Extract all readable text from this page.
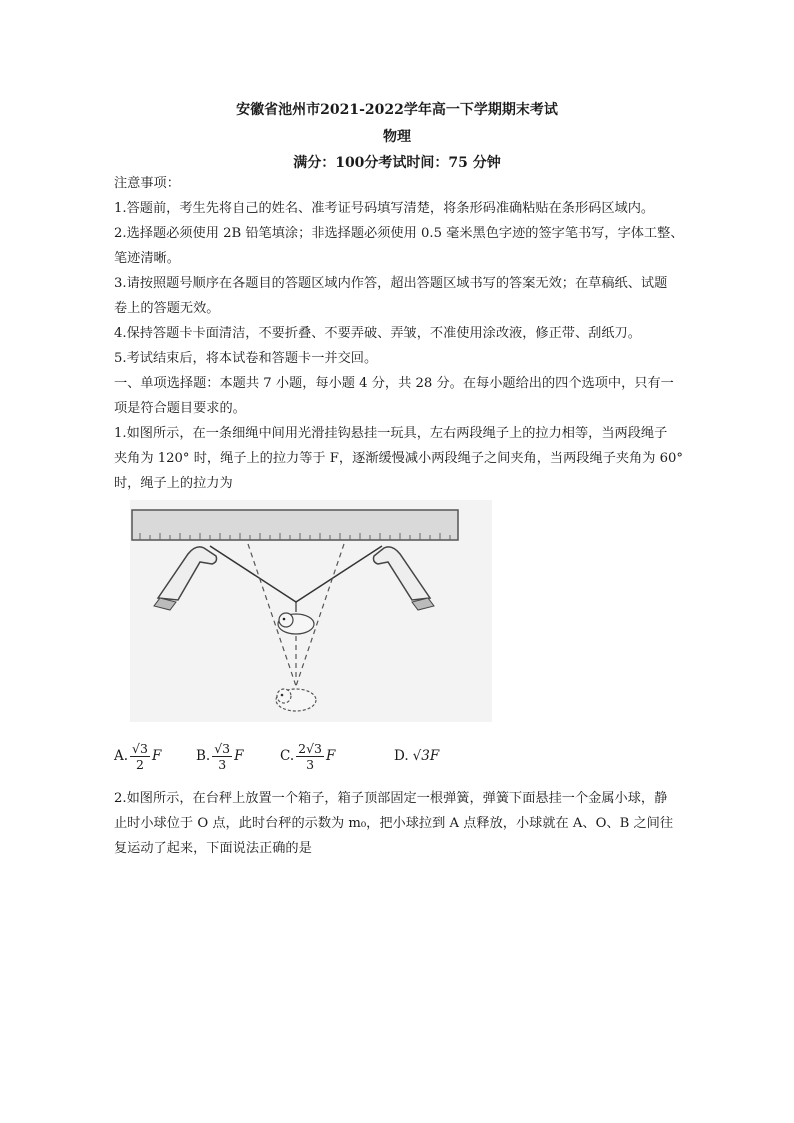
安徽省池州市2021-2022学年高一下学期期末考试
物理
满分：100分考试时间：75 分钟
注意事项：
1.答题前，考生先将自己的姓名、准考证号码填写清楚，将条形码准确粘贴在条形码区域内。
2.选择题必须使用 2B 铅笔填涂；非选择题必须使用 0.5 毫米黑色字迹的签字笔书写，字体工整、
笔迹清晰。
3.请按照题号顺序在各题目的答题区域内作答，超出答题区域书写的答案无效；在草稿纸、试题
卷上的答题无效。
4.保持答题卡卡面清洁，不要折叠、不要弄破、弄皱，不准使用涂改液，修正带、刮纸刀。
5.考试结束后，将本试卷和答题卡一并交回。
一、单项选择题：本题共 7 小题，每小题 4 分，共 28 分。在每小题给出的四个选项中，只有一
项是符合题目要求的。
1.如图所示，在一条细绳中间用光滑挂钩悬挂一玩具，左右两段绳子上的拉力相等，当两段绳子
夹角为 120° 时，绳子上的拉力等于 F，逐渐缓慢减小两段绳子之间夹角，当两段绳子夹角为 60°
时，绳子上的拉力为
A. $\frac{√3}{2}$ F	B. $\frac{√3}{3}$ F	C. $\frac{2√3}{3}$ F	D. √3F
2.如图所示，在台秤上放置一个箱子，箱子顶部固定一根弹簧，弹簧下面悬挂一个金属小球，静
止时小球位于 O 点，此时台秤的示数为 m₀，把小球拉到 A 点释放，小球就在 A、O、B 之间往
复运动了起来，下面说法正确的是
